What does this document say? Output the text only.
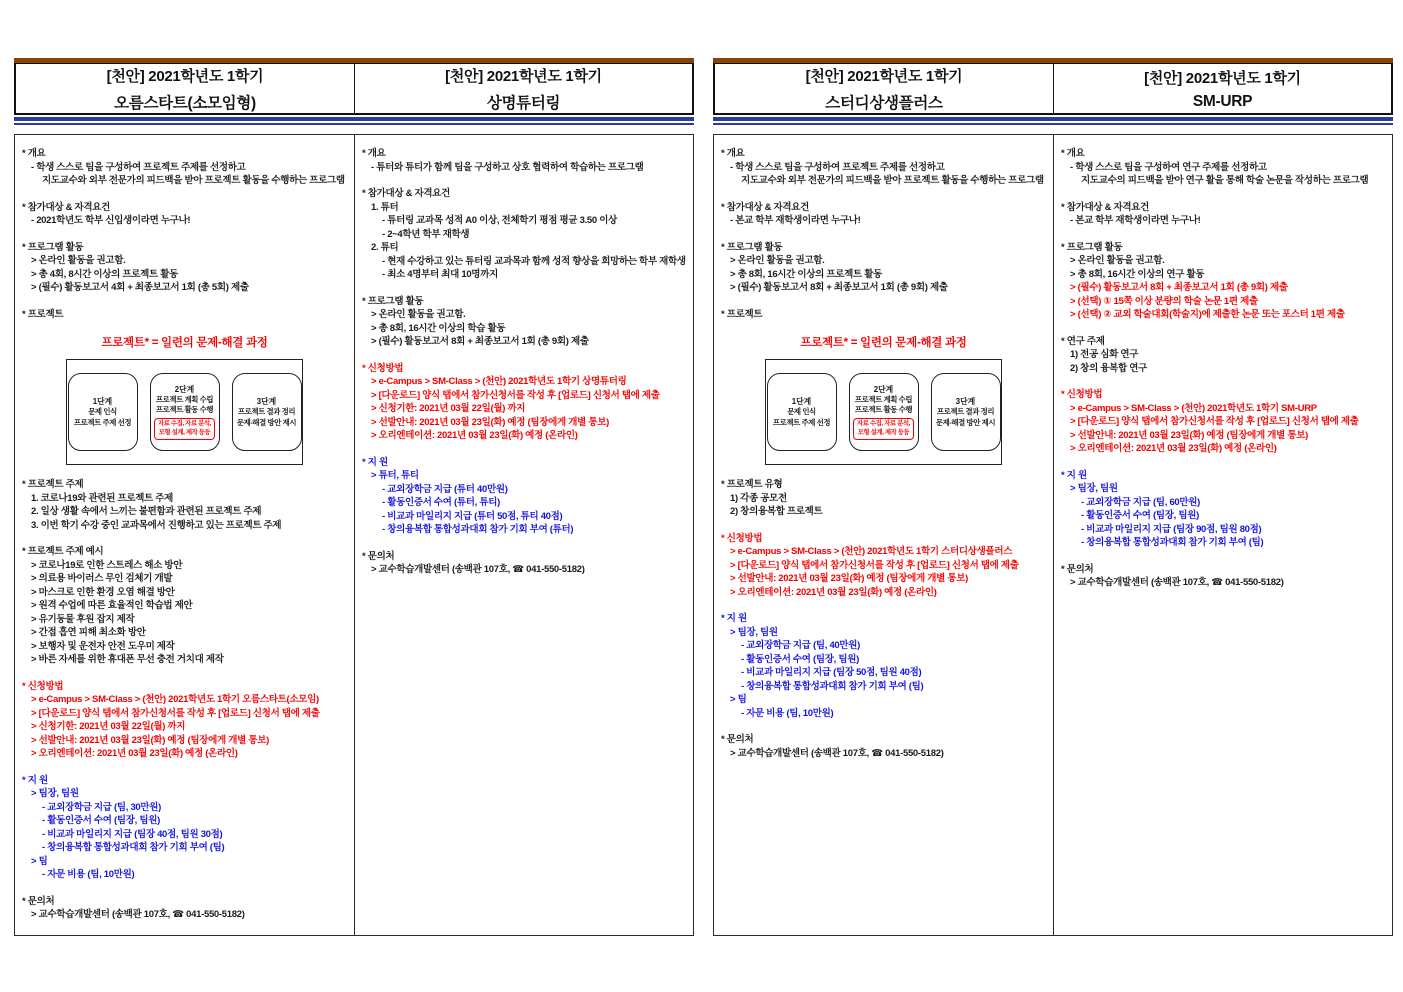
[천안] 2021학년도 1학기
오름스타트(소모임형)
[천안] 2021학년도 1학기
상명튜터링
* 개요
- 학생 스스로 팀을 구성하여 프로젝트 주제를 선정하고
지도교수와 외부 전문가의 피드백을 받아 프로젝트 활동을 수행하는 프로그램
* 참가대상 & 자격요건
- 2021학년도 학부 신입생이라면 누구나!
* 프로그램 활동
> 온라인 활동을 권고함.
> 총 4회, 8시간 이상의 프로젝트 활동
> (필수) 활동보고서 4회 + 최종보고서 1회 (총 5회) 제출
* 프로젝트
프로젝트* = 일련의 문제-해결 과정
1단계
문제 인식
프로젝트 주제 선정
2단계
프로젝트 계획 수립
프로젝트 활동 수행
자료 수집, 자료 분석,
모형 설계, 제작 등등
3단계
프로젝트 결과 정리
문제-해결 방안 제시
* 프로젝트 주제
1. 코로나19와 관련된 프로젝트 주제
2. 일상 생활 속에서 느끼는 불편함과 관련된 프로젝트 주제
3. 이번 학기 수강 중인 교과목에서 진행하고 있는 프로젝트 주제
* 프로젝트 주제 예시
> 코로나19로 인한 스트레스 해소 방안
> 의료용 바이러스 무인 검체기 개발
> 마스크로 인한 환경 오염 해결 방안
> 원격 수업에 따른 효율적인 학습법 제안
> 유기동물 후원 잡지 제작
> 간접 흡연 피해 최소화 방안
> 보행자 및 운전자 안전 도우미 제작
> 바른 자세를 위한 휴대폰 무선 충전 거치대 제작
* 신청방법
> e-Campus > SM-Class > (천안) 2021학년도 1학기 오름스타트(소모임)
> [다운로드] 양식 탭에서 참가신청서를 작성 후 [업로드] 신청서 탭에 제출
> 신청기한: 2021년 03월 22일(월) 까지
> 선발안내: 2021년 03월 23일(화) 예정 (팀장에게 개별 통보)
> 오리엔테이션: 2021년 03월 23일(화) 예정 (온라인)
* 지 원
> 팀장, 팀원
- 교외장학금 지급 (팀, 30만원)
- 활동인증서 수여 (팀장, 팀원)
- 비교과 마일리지 지급 (팀장 40점, 팀원 30점)
- 창의융복합 통합성과대회 참가 기회 부여 (팀)
> 팀
- 자문 비용 (팀, 10만원)
* 문의처
> 교수학습개발센터 (송백관 107호, ☎ 041-550-5182)
* 개요
- 튜터와 튜티가 함께 팀을 구성하고 상호 협력하여 학습하는 프로그램
* 참가대상 & 자격요건
1. 튜터
- 튜터링 교과목 성적 A0 이상, 전체학기 평점 평균 3.50 이상
- 2~4학년 학부 재학생
2. 튜티
- 현재 수강하고 있는 튜터링 교과목과 함께 성적 향상을 희망하는 학부 재학생
- 최소 4명부터 최대 10명까지
* 프로그램 활동
> 온라인 활동을 권고함.
> 총 8회, 16시간 이상의 학습 활동
> (필수) 활동보고서 8회 + 최종보고서 1회 (총 9회) 제출
* 신청방법
> e-Campus > SM-Class > (천안) 2021학년도 1학기 상명튜터링
> [다운로드] 양식 탭에서 참가신청서를 작성 후 [업로드] 신청서 탭에 제출
> 신청기한: 2021년 03월 22일(월) 까지
> 선발안내: 2021년 03월 23일(화) 예정 (팀장에게 개별 통보)
> 오리엔테이션: 2021년 03월 23일(화) 예정 (온라인)
* 지 원
> 튜터, 튜티
- 교외장학금 지급 (튜터 40만원)
- 활동인증서 수여 (튜터, 튜티)
- 비교과 마일리지 지급 (튜터 50점, 튜티 40점)
- 창의융복합 통합성과대회 참가 기회 부여 (튜터)
* 문의처
> 교수학습개발센터 (송백관 107호, ☎ 041-550-5182)
[천안] 2021학년도 1학기
스터디상생플러스
[천안] 2021학년도 1학기
SM-URP
* 개요
- 학생 스스로 팀을 구성하여 프로젝트 주제를 선정하고
지도교수와 외부 전문가의 피드백을 받아 프로젝트 활동을 수행하는 프로그램
* 참가대상 & 자격요건
- 본교 학부 재학생이라면 누구나!
* 프로그램 활동
> 온라인 활동을 권고함.
> 총 8회, 16시간 이상의 프로젝트 활동
> (필수) 활동보고서 8회 + 최종보고서 1회 (총 9회) 제출
* 프로젝트
프로젝트* = 일련의 문제-해결 과정
1단계
문제 인식
프로젝트 주제 선정
2단계
프로젝트 계획 수립
프로젝트 활동 수행
자료 수집, 자료 분석,
모형 설계, 제작 등등
3단계
프로젝트 결과 정리
문제-해결 방안 제시
* 프로젝트 유형
1) 각종 공모전
2) 창의융복합 프로젝트
* 신청방법
> e-Campus > SM-Class > (천안) 2021학년도 1학기 스터디상생플러스
> [다운로드] 양식 탭에서 참가신청서를 작성 후 [업로드] 신청서 탭에 제출
> 선발안내: 2021년 03월 23일(화) 예정 (팀장에게 개별 통보)
> 오리엔테이션: 2021년 03월 23일(화) 예정 (온라인)
* 지 원
> 팀장, 팀원
- 교외장학금 지급 (팀, 40만원)
- 활동인증서 수여 (팀장, 팀원)
- 비교과 마일리지 지급 (팀장 50점, 팀원 40점)
- 창의융복합 통합성과대회 참가 기회 부여 (팀)
> 팀
- 자문 비용 (팀, 10만원)
* 문의처
> 교수학습개발센터 (송백관 107호, ☎ 041-550-5182)
* 개요
- 학생 스스로 팀을 구성하여 연구 주제를 선정하고
지도교수의 피드백을 받아 연구 활을 통해 학술 논문을 작성하는 프로그램
* 참가대상 & 자격요건
- 본교 학부 재학생이라면 누구나!
* 프로그램 활동
> 온라인 활동을 권고함.
> 총 8회, 16시간 이상의 연구 활동
> (필수) 활동보고서 8회 + 최종보고서 1회 (총 9회) 제출
> (선택) ① 15쪽 이상 분량의 학술 논문 1편 제출
> (선택) ② 교외 학술대회(학술지)에 제출한 논문 또는 포스터 1편 제출
* 연구 주제
1) 전공 심화 연구
2) 창의 융복합 연구
* 신청방법
> e-Campus > SM-Class > (천안) 2021학년도 1학기 SM-URP
> [다운로드] 양식 탭에서 참가신청서를 작성 후 [업로드] 신청서 탭에 제출
> 선발안내: 2021년 03월 23일(화) 예정 (팀장에게 개별 통보)
> 오리엔테이션: 2021년 03월 23일(화) 예정 (온라인)
* 지 원
> 팀장, 팀원
- 교외장학금 지급 (팀, 60만원)
- 활동인증서 수여 (팀장, 팀원)
- 비교과 마일리지 지급 (팀장 90점, 팀원 80점)
- 창의융복합 통합성과대회 참가 기회 부여 (팀)
* 문의처
> 교수학습개발센터 (송백관 107호, ☎ 041-550-5182)
